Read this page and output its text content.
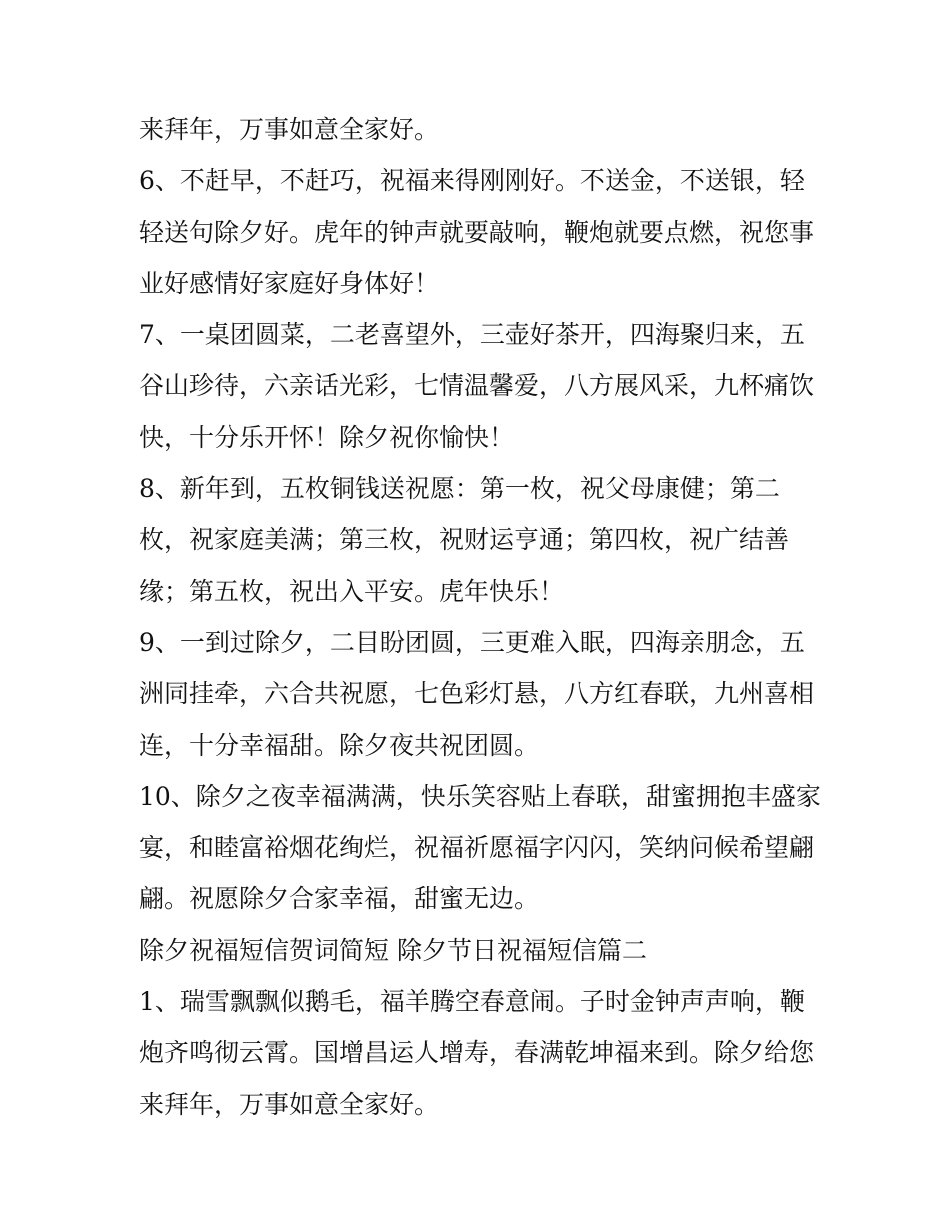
来拜年，万事如意全家好。
6、不赶早，不赶巧，祝福来得刚刚好。不送金，不送银，轻
轻送句除夕好。虎年的钟声就要敲响，鞭炮就要点燃，祝您事
业好感情好家庭好身体好！
7、一桌团圆菜，二老喜望外，三壶好茶开，四海聚归来，五
谷山珍待，六亲话光彩，七情温馨爱，八方展风采，九杯痛饮
快，十分乐开怀！除夕祝你愉快！
8、新年到，五枚铜钱送祝愿：第一枚，祝父母康健；第二
枚，祝家庭美满；第三枚，祝财运亨通；第四枚，祝广结善
缘；第五枚，祝出入平安。虎年快乐！
9、一到过除夕，二目盼团圆，三更难入眠，四海亲朋念，五
洲同挂牵，六合共祝愿，七色彩灯悬，八方红春联，九州喜相
连，十分幸福甜。除夕夜共祝团圆。
10、除夕之夜幸福满满，快乐笑容贴上春联，甜蜜拥抱丰盛家
宴，和睦富裕烟花绚烂，祝福祈愿福字闪闪，笑纳问候希望翩
翩。祝愿除夕合家幸福，甜蜜无边。
除夕祝福短信贺词简短 除夕节日祝福短信篇二
1、瑞雪飘飘似鹅毛，福羊腾空春意闹。子时金钟声声响，鞭
炮齐鸣彻云霄。国增昌运人增寿，春满乾坤福来到。除夕给您
来拜年，万事如意全家好。
